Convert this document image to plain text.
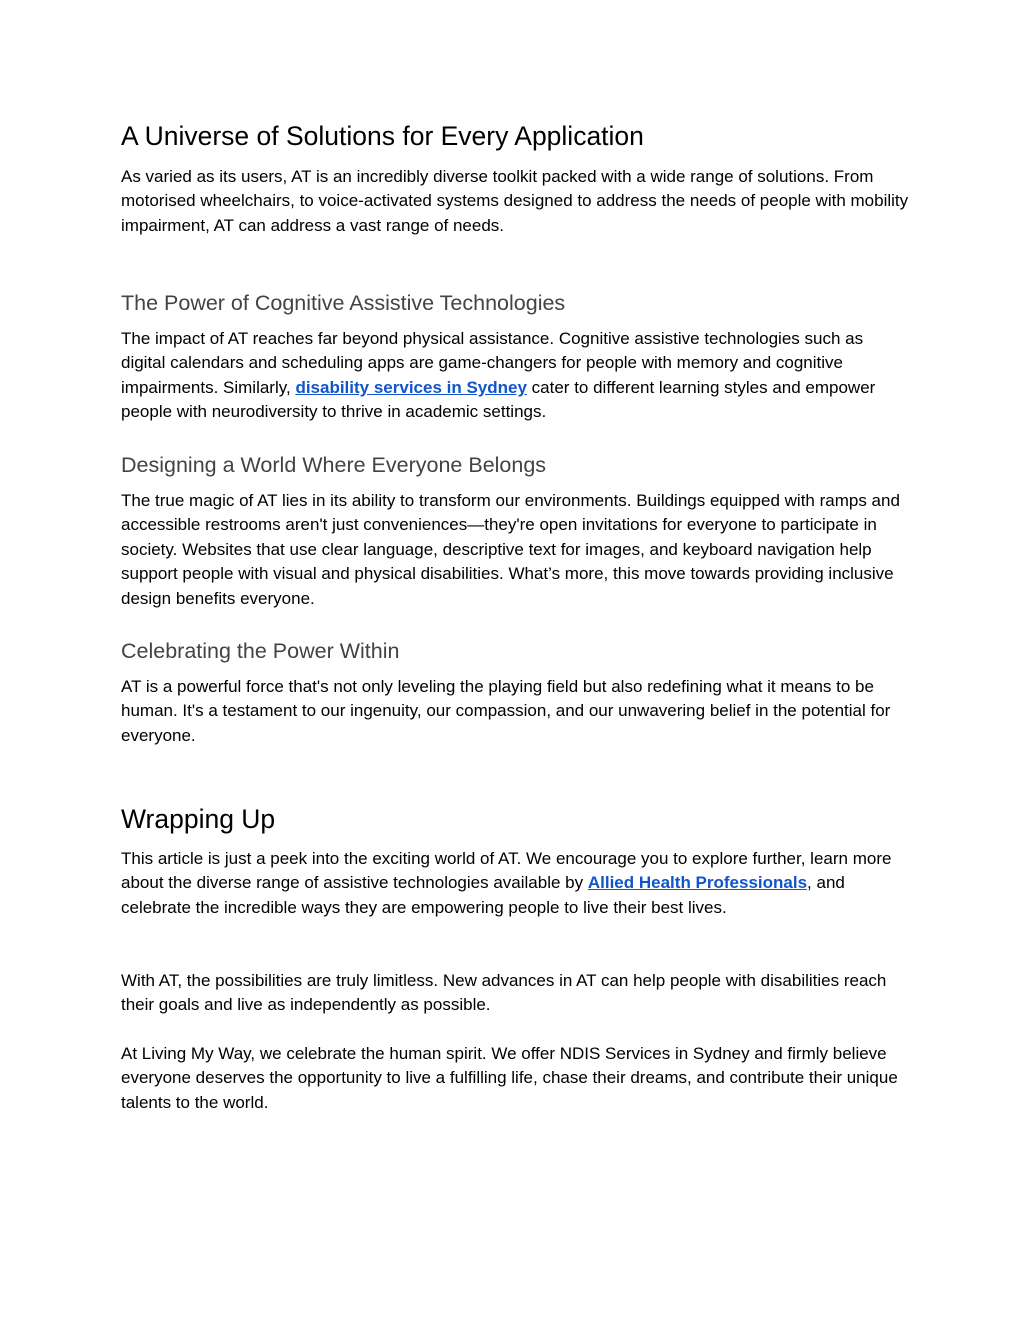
A Universe of Solutions for Every Application

As varied as its users, AT is an incredibly diverse toolkit packed with a wide range of solutions. From motorised wheelchairs, to voice-activated systems designed to address the needs of people with mobility impairment, AT can address a vast range of needs.

The Power of Cognitive Assistive Technologies

The impact of AT reaches far beyond physical assistance. Cognitive assistive technologies such as digital calendars and scheduling apps are game-changers for people with memory and cognitive impairments. Similarly, disability services in Sydney cater to different learning styles and empower people with neurodiversity to thrive in academic settings.

Designing a World Where Everyone Belongs

The true magic of AT lies in its ability to transform our environments. Buildings equipped with ramps and accessible restrooms aren't just conveniences—they're open invitations for everyone to participate in society. Websites that use clear language, descriptive text for images, and keyboard navigation help support people with visual and physical disabilities. What’s more, this move towards providing inclusive design benefits everyone.

Celebrating the Power Within

AT is a powerful force that's not only leveling the playing field but also redefining what it means to be human. It's a testament to our ingenuity, our compassion, and our unwavering belief in the potential for everyone.

Wrapping Up

This article is just a peek into the exciting world of AT. We encourage you to explore further, learn more about the diverse range of assistive technologies available by Allied Health Professionals, and celebrate the incredible ways they are empowering people to live their best lives.

With AT, the possibilities are truly limitless. New advances in AT can help people with disabilities reach their goals and live as independently as possible.

At Living My Way, we celebrate the human spirit. We offer NDIS Services in Sydney and firmly believe everyone deserves the opportunity to live a fulfilling life, chase their dreams, and contribute their unique talents to the world.
